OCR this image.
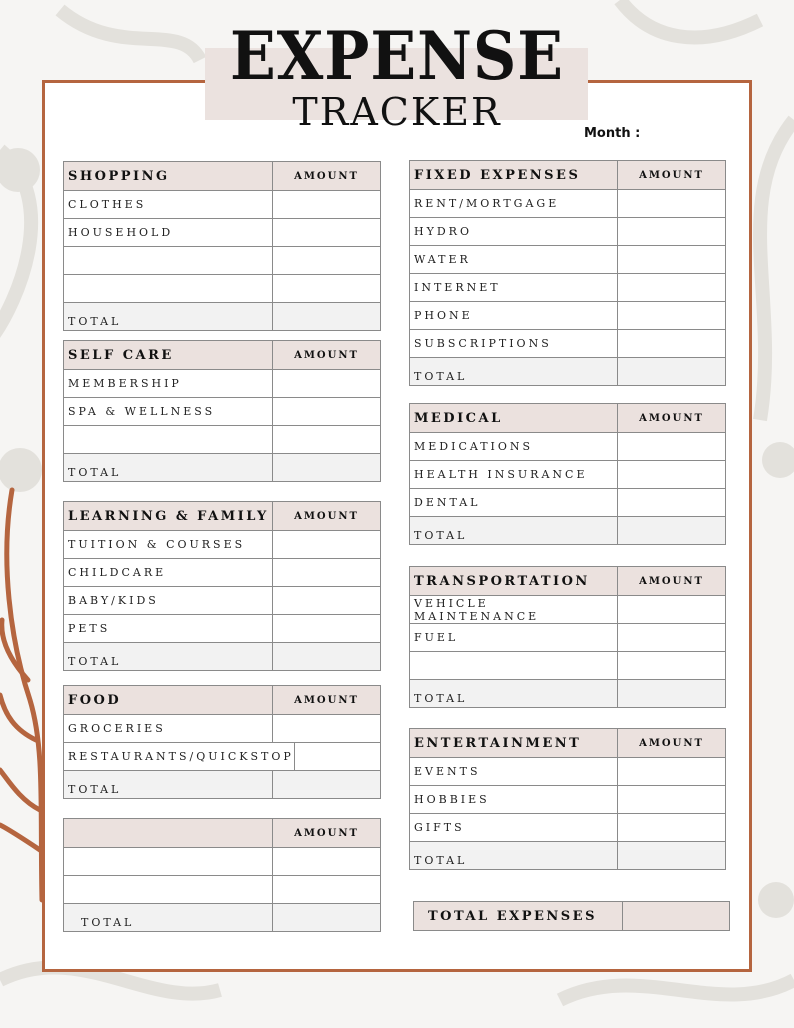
EXPENSE
TRACKER	Month :
SHOPPING	AMOUNT
CLOTHES
HOUSEHOLD
TOTAL
SELF CARE	AMOUNT
MEMBERSHIP
SPA & WELLNESS
TOTAL
LEARNING & FAMILY	AMOUNT
TUITION & COURSES
CHILDCARE
BABY/KIDS
PETS
TOTAL
FOOD	AMOUNT
GROCERIES
RESTAURANTS/QUICKSTOP
TOTAL
AMOUNT
TOTAL
FIXED EXPENSES	AMOUNT
RENT/MORTGAGE
HYDRO
WATER
INTERNET
PHONE
SUBSCRIPTIONS
TOTAL
MEDICAL	AMOUNT
MEDICATIONS
HEALTH INSURANCE
DENTAL
TOTAL
TRANSPORTATION	AMOUNT
VEHICLE MAINTENANCE
FUEL
TOTAL
ENTERTAINMENT	AMOUNT
EVENTS
HOBBIES
GIFTS
TOTAL
TOTAL EXPENSES
